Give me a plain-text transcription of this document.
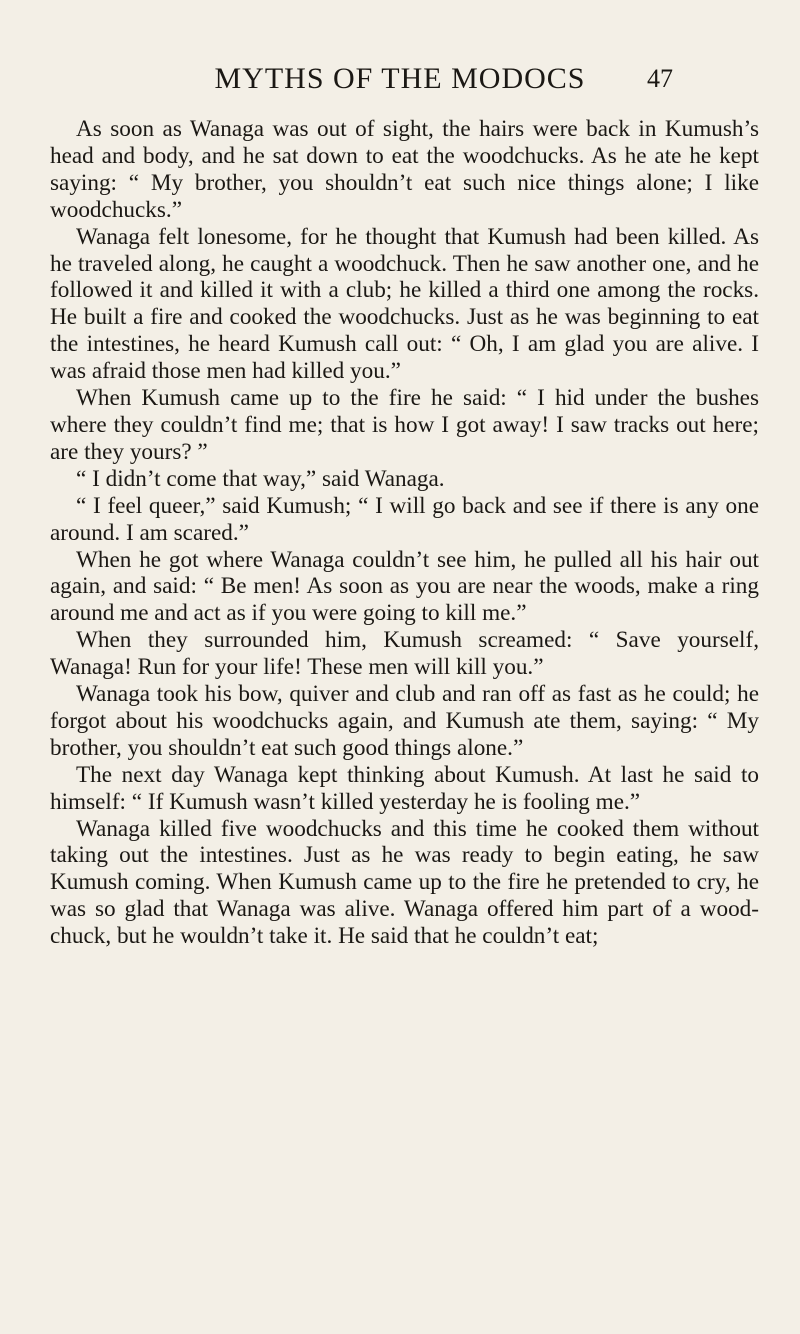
MYTHS OF THE MODOCS	47

As soon as Wanaga was out of sight, the hairs were back in Kumush’s head and body, and he sat down to eat the woodchucks. As he ate he kept saying: “ My brother, you shouldn’t eat such nice things alone; I like woodchucks.”

Wanaga felt lonesome, for he thought that Kumush had been killed. As he traveled along, he caught a woodchuck. Then he saw another one, and he followed it and killed it with a club; he killed a third one among the rocks. He built a fire and cooked the woodchucks. Just as he was beginning to eat the intestines, he heard Kumush call out: “ Oh, I am glad you are alive. I was afraid those men had killed you.”

When Kumush came up to the fire he said: “ I hid under the bushes where they couldn’t find me; that is how I got away! I saw tracks out here; are they yours? ”

“ I didn’t come that way,” said Wanaga.

“ I feel queer,” said Kumush; “ I will go back and see if there is any one around. I am scared.”

When he got where Wanaga couldn’t see him, he pulled all his hair out again, and said: “ Be men! As soon as you are near the woods, make a ring around me and act as if you were going to kill me.”

When they surrounded him, Kumush screamed: “ Save yourself, Wanaga! Run for your life! These men will kill you.”

Wanaga took his bow, quiver and club and ran off as fast as he could; he forgot about his woodchucks again, and Kumush ate them, saying: “ My brother, you shouldn’t eat such good things alone.”

The next day Wanaga kept thinking about Kumush. At last he said to himself: “ If Kumush wasn’t killed yesterday he is fooling me.”

Wanaga killed five woodchucks and this time he cooked them without taking out the intestines. Just as he was ready to begin eating, he saw Kumush coming. When Kumush came up to the fire he pretended to cry, he was so glad that Wanaga was alive. Wanaga offered him part of a wood-chuck, but he wouldn’t take it. He said that he couldn’t eat;
